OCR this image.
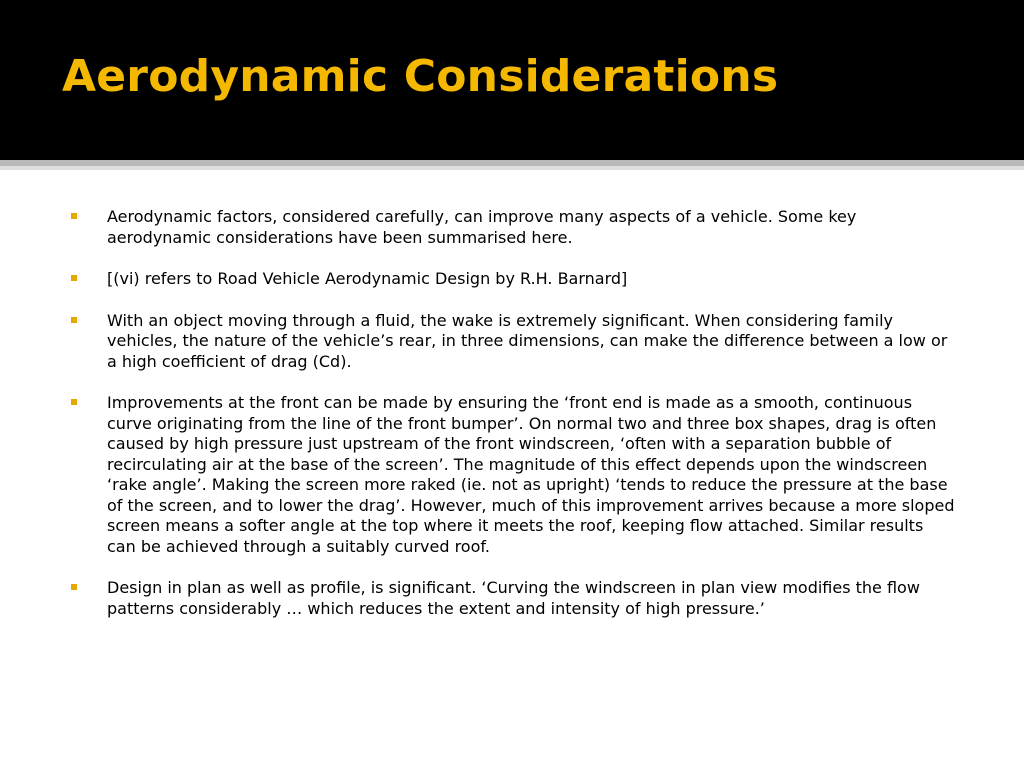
Aerodynamic Considerations
Aerodynamic factors, considered carefully, can improve many aspects of a vehicle. Some key aerodynamic considerations have been summarised here.
[(vi) refers to Road Vehicle Aerodynamic Design by R.H. Barnard]
With an object moving through a fluid, the wake is extremely significant. When considering family vehicles, the nature of the vehicle’s rear, in three dimensions, can make the difference between a low or a high coefficient of drag (Cd).
Improvements at the front can be made by ensuring the ‘front end is made as a smooth, continuous curve originating from the line of the front bumper’. On normal two and three box shapes, drag is often caused by high pressure just upstream of the front windscreen, ‘often with a separation bubble of recirculating air at the base of the screen’. The magnitude of this effect depends upon the windscreen ‘rake angle’. Making the screen more raked (ie. not as upright) ‘tends to reduce the pressure at the base of the screen, and to lower the drag’. However, much of this improvement arrives because a more sloped screen means a softer angle at the top where it meets the roof, keeping flow attached. Similar results can be achieved through a suitably curved roof.
Design in plan as well as profile, is significant. ‘Curving the windscreen in plan view modifies the flow patterns considerably … which reduces the extent and intensity of high pressure.’
